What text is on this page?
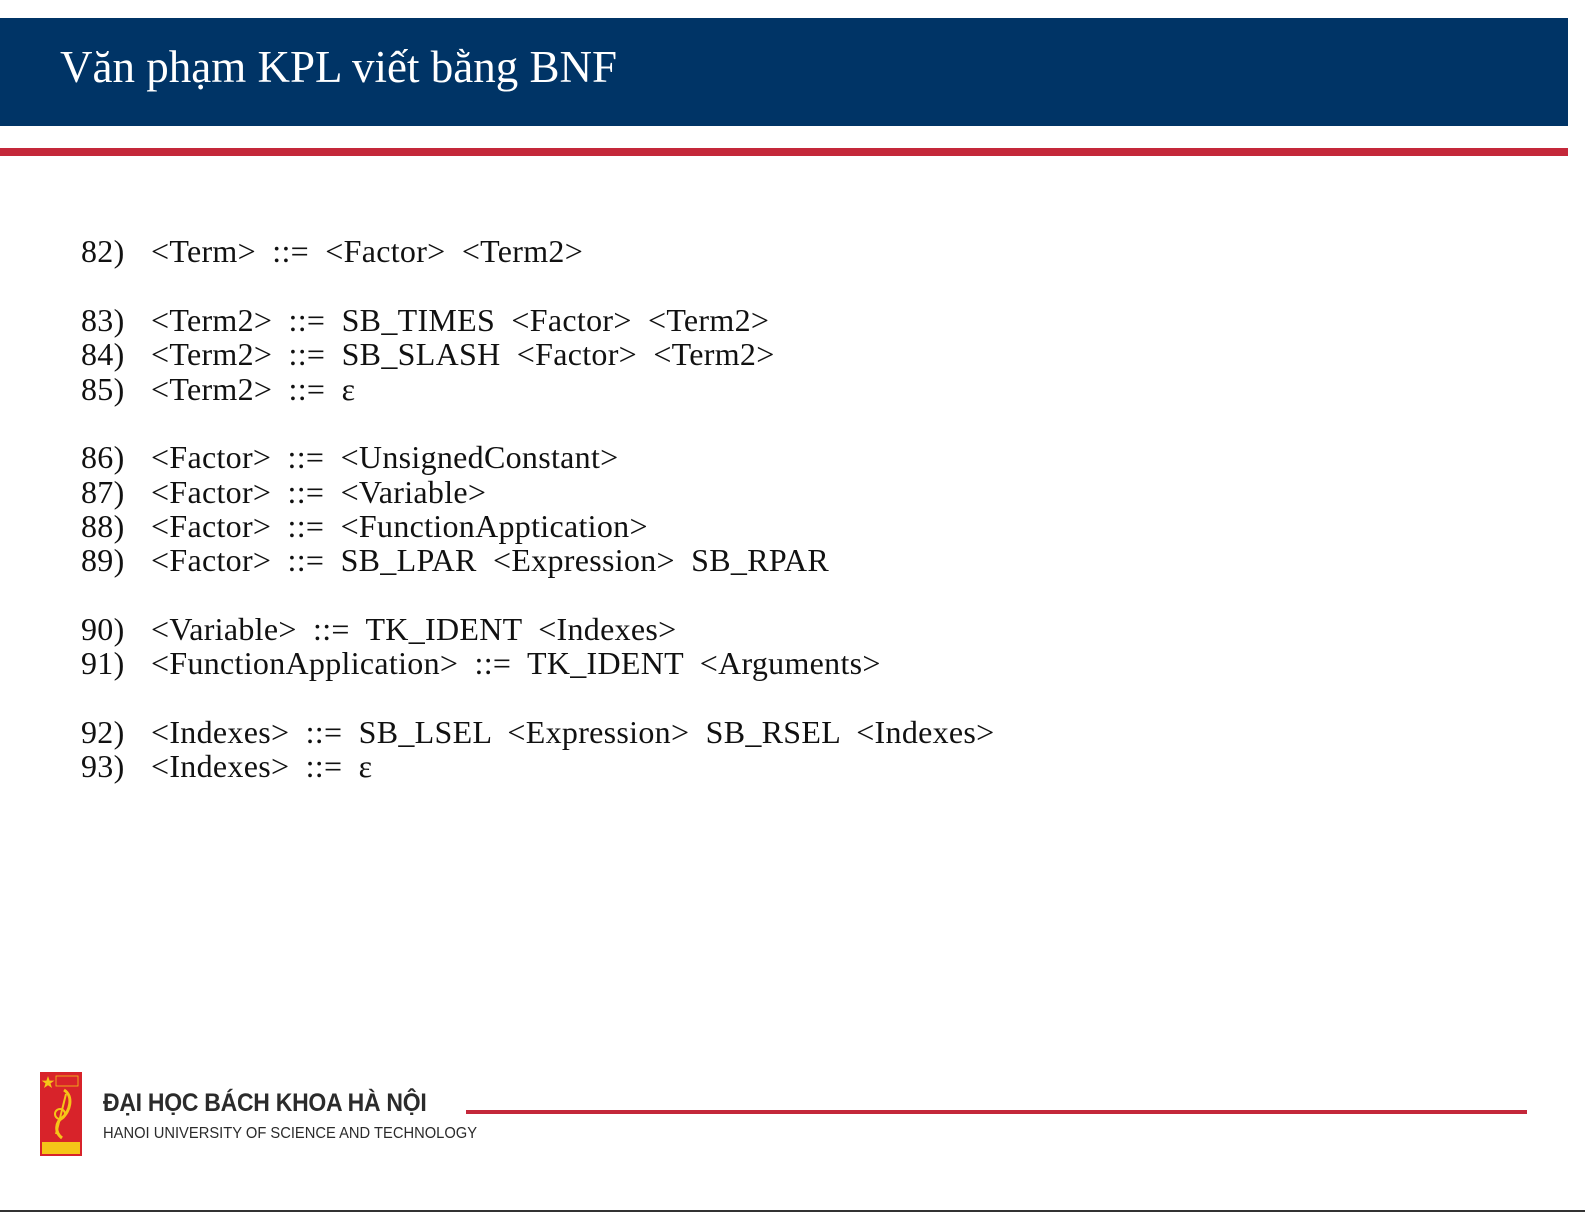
Văn phạm KPL viết bằng BNF
82) <Term> ::= <Factor> <Term2>
83) <Term2> ::= SB_TIMES <Factor> <Term2>
84) <Term2> ::= SB_SLASH <Factor> <Term2>
85) <Term2> ::= ε
86) <Factor> ::= <UnsignedConstant>
87) <Factor> ::= <Variable>
88) <Factor> ::= <FunctionApptication>
89) <Factor> ::= SB_LPAR <Expression> SB_RPAR
90) <Variable> ::= TK_IDENT <Indexes>
91) <FunctionApplication> ::= TK_IDENT <Arguments>
92) <Indexes> ::= SB_LSEL <Expression> SB_RSEL <Indexes>
93) <Indexes> ::= ε
ĐẠI HỌC BÁCH KHOA HÀ NỘI
HANOI UNIVERSITY OF SCIENCE AND TECHNOLOGY
